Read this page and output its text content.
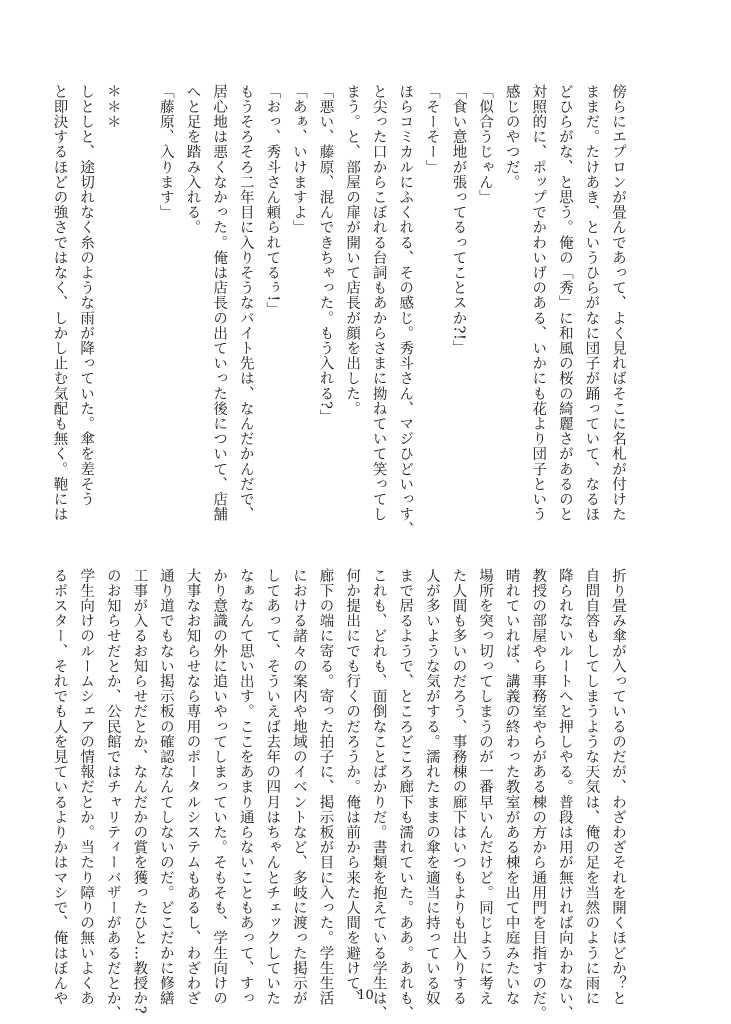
傍らにエプロンが畳んであって、よく見ればそこに名札が付けた
ままだ。たけあき、というひらがなに団子が踊っていて、なるほ
どひらがな、と思う。俺の「秀」に和風の桜の綺麗さがあるのと
対照的に、ポップでかわいげのある、いかにも花より団子という
感じのやつだ。
「似合うじゃん」
「食い意地が張ってるってことスか?!」
「そーそー」
ほらコミカルにふくれる、その感じ。秀斗さん、マジひどいっす、
と尖った口からこぼれる台詞もあからさまに拗ねていて笑ってし
まう。と、部屋の扉が開いて店長が顔を出した。
「悪い、藤原、混んできちゃった。もう入れる?」
「あぁ、いけますよ」
「おっ、秀斗さん頼られてるぅ!」
もうそろそろ二年目に入りそうなバイト先は、なんだかんだで、
居心地は悪くなかった。俺は店長の出ていった後について、店舗
へと足を踏み入れる。
「藤原、入ります」

＊＊＊
しとしと、途切れなく糸のような雨が降っていた。傘を差そう
と即決するほどの強さではなく、しかし止む気配も無く。鞄には
折り畳み傘が入っているのだが、わざわざそれを開くほどか？と
自問自答もしてしまうような天気は、俺の足を当然のように雨に
降られないルートへと押しやる。普段は用が無ければ向かわない、
教授の部屋やら事務室やらがある棟の方から通用門を目指すのだ。
晴れていれば、講義の終わった教室がある棟を出て中庭みたいな
場所を突っ切ってしまうのが一番早いんだけど。同じように考え
た人間も多いのだろう、事務棟の廊下はいつもよりも出入りする
人が多いような気がする。濡れたままの傘を適当に持っている奴
まで居るようで、ところどころ廊下も濡れていた。ああ。あれも、
これも、どれも、面倒なことばかりだ。書類を抱えている学生は、
何か提出にでも行くのだろうか。俺は前から来た人間を避けて、
廊下の端に寄る。寄った拍子に、掲示板が目に入った。学生生活
における諸々の案内や地域のイベントなど、多岐に渡った掲示が
してあって、そういえば去年の四月はちゃんとチェックしていた
なぁなんて思い出す。ここをあまり通らないこともあって、すっ
かり意識の外に追いやってしまっていた。そもそも、学生向けの
大事なお知らせなら専用のポータルシステムもあるし、わざわざ
通り道でもない掲示板の確認なんてしないのだ。どこだかに修繕
工事が入るお知らせだとか、なんだかの賞を獲ったひと…教授か?
のお知らせだとか、公民館ではチャリティーバザーがあるだとか、
学生向けのルームシェアの情報だとか。当たり障りの無いよくあ
るポスター、それでも人を見ているよりかはマシで、俺はぼんや	10
